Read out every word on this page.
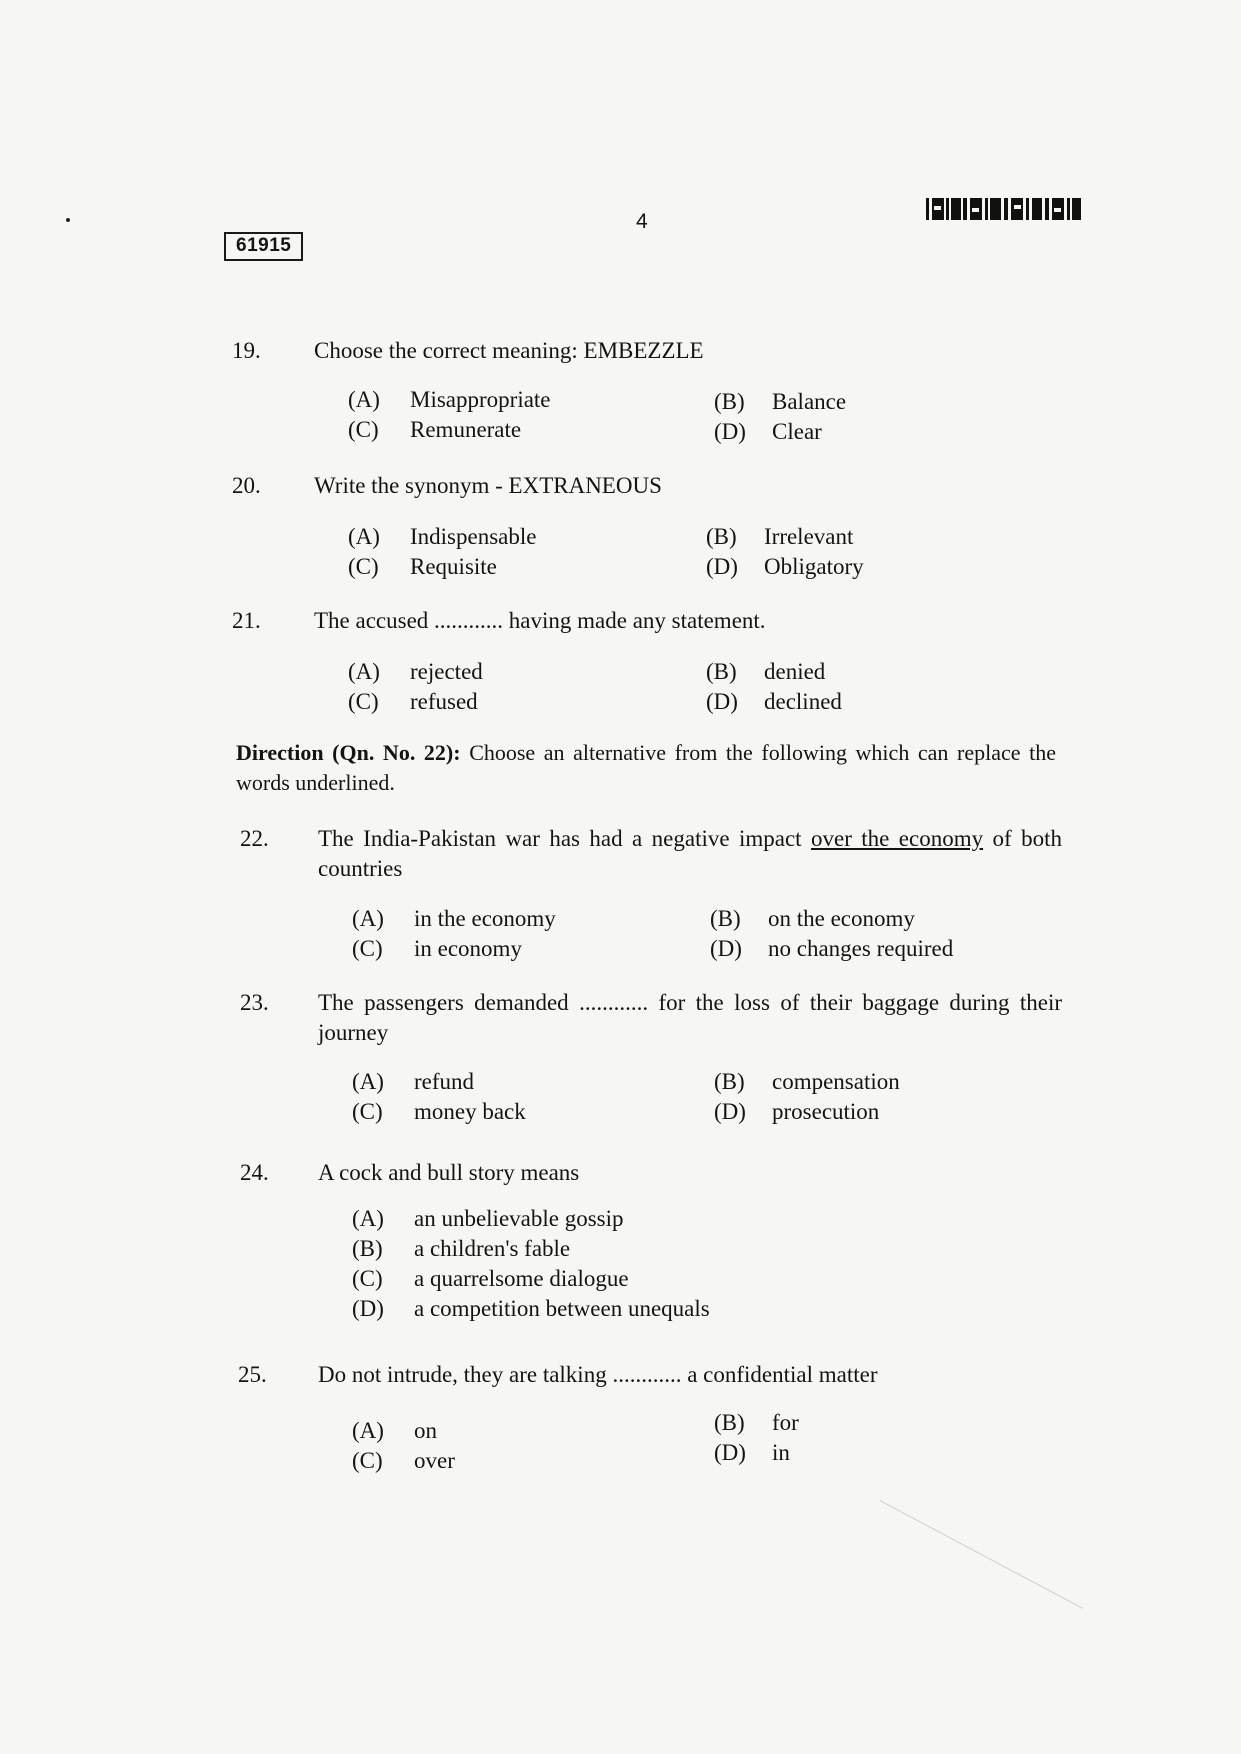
61915
4
19. Choose the correct meaning: EMBEZZLE
(A) Misappropriate	(B) Balance
(C) Remunerate	(D) Clear
20. Write the synonym - EXTRANEOUS
(A) Indispensable	(B) Irrelevant
(C) Requisite	(D) Obligatory
21. The accused ............ having made any statement.
(A) rejected	(B) denied
(C) refused	(D) declined
Direction (Qn. No. 22): Choose an alternative from the following which can replace the words underlined.
22. The India-Pakistan war has had a negative impact over the economy of both countries
(A) in the economy	(B) on the economy
(C) in economy	(D) no changes required
23. The passengers demanded ............ for the loss of their baggage during their journey
(A) refund	(B) compensation
(C) money back	(D) prosecution
24. A cock and bull story means
(A) an unbelievable gossip
(B) a children's fable
(C) a quarrelsome dialogue
(D) a competition between unequals
25. Do not intrude, they are talking ............ a confidential matter
(A) on	(B) for
(C) over	(D) in
